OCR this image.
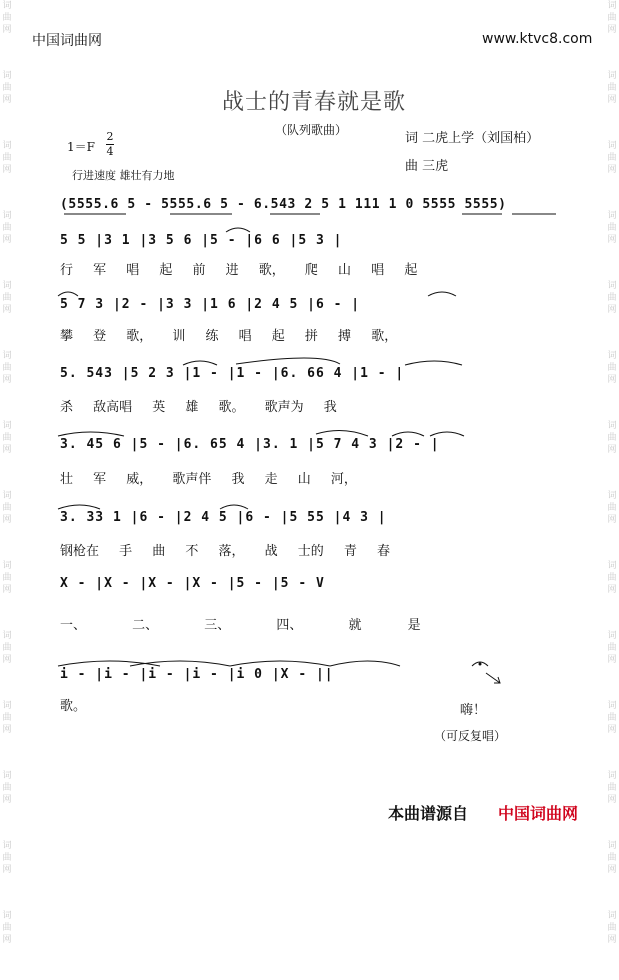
词
曲
网
词
曲
网
词
曲
网
词
曲
网
词
曲
网
词
曲
网
词
曲
网
词
曲
网
词
曲
网
词
曲
网
词
曲
网
词
曲
网
词
曲
网
词
曲
网
词
曲
网
词
曲
网
词
曲
网
词
曲
网
词
曲
网
词
曲
网
词
曲
网
词
曲
网
词
曲
网
词
曲
网
词
曲
网
词
曲
网
词
曲
网
词
曲
网
中国词曲网	www.ktvc8.com
战士的青春就是歌
（队列歌曲）
词 二虎上学（刘国柏）
曲 三虎
1＝F
2
4
行进速度 雄壮有力地
(5555.6 5 - 5555.6 5 - 6.543 2 5 1 111 1 0 5555 5555)
5 5 |3 1 |3 5 6 |5 - |6 6 |5 3 |
行 军 唱 起 前 进 歌， 爬 山 唱 起
5 7 3 |2 - |3 3 |1 6 |2 4 5 |6 - |
攀 登 歌， 训 练 唱 起 拼 搏 歌，
5. 543 |5 2 3 |1 - |1 - |6. 66 4 |1 - |
杀 敌高唱 英 雄 歌。 歌声为 我
3. 45 6 |5 - |6. 65 4 |3. 1 |5 7 4 3 |2 - |
壮 军 威， 歌声伴 我 走 山 河，
3. 33 1 |6 - |2 4 5 |6 - |5 55 |4 3 |
钢枪在 手 曲 不 落， 战 士的 青 春
X - |X - |X - |X - |5 - |5 - V
一、 二、 三、 四、 就 是
i - |i - |i - |i - |i 0 |X - ||
歌。	嗨！
（可反复唱）
本曲谱源自 中国词曲网
